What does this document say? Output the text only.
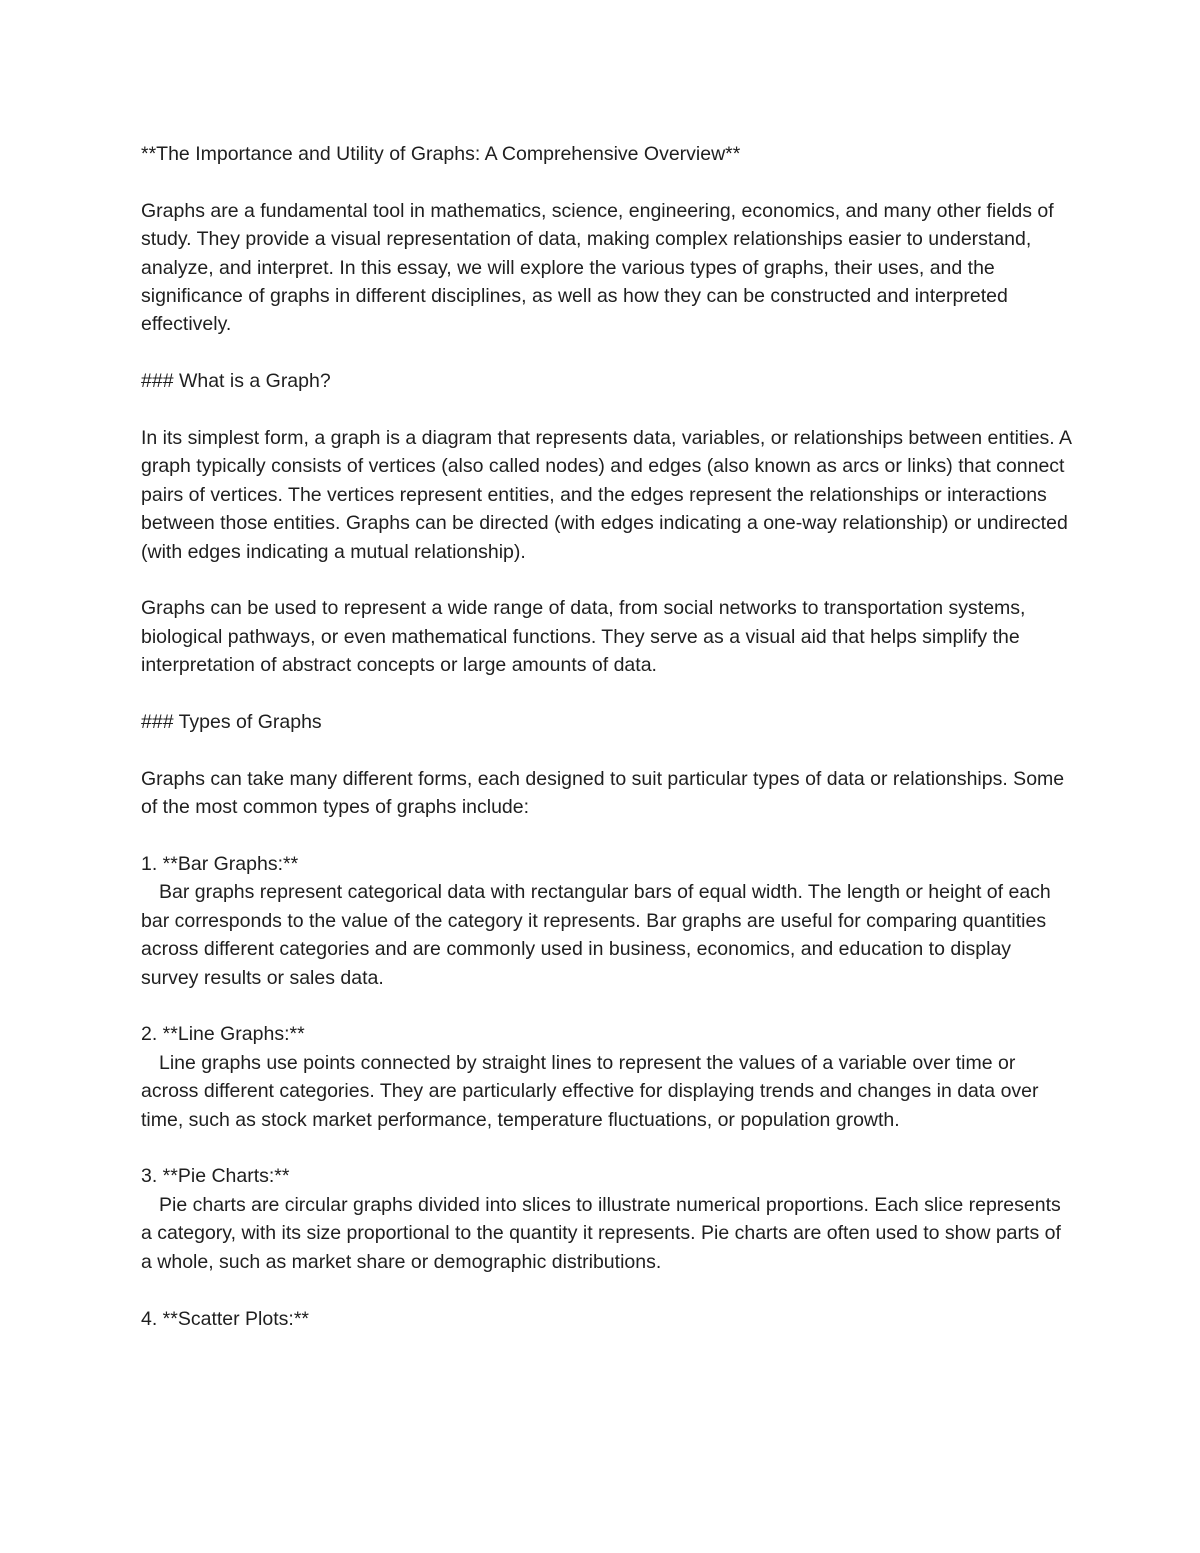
**The Importance and Utility of Graphs: A Comprehensive Overview**

Graphs are a fundamental tool in mathematics, science, engineering, economics, and many other fields of study. They provide a visual representation of data, making complex relationships easier to understand, analyze, and interpret. In this essay, we will explore the various types of graphs, their uses, and the significance of graphs in different disciplines, as well as how they can be constructed and interpreted effectively.

### What is a Graph?

In its simplest form, a graph is a diagram that represents data, variables, or relationships between entities. A graph typically consists of vertices (also called nodes) and edges (also known as arcs or links) that connect pairs of vertices. The vertices represent entities, and the edges represent the relationships or interactions between those entities. Graphs can be directed (with edges indicating a one-way relationship) or undirected (with edges indicating a mutual relationship).

Graphs can be used to represent a wide range of data, from social networks to transportation systems, biological pathways, or even mathematical functions. They serve as a visual aid that helps simplify the interpretation of abstract concepts or large amounts of data.

### Types of Graphs

Graphs can take many different forms, each designed to suit particular types of data or relationships. Some of the most common types of graphs include:

1. **Bar Graphs:**
Bar graphs represent categorical data with rectangular bars of equal width. The length or height of each bar corresponds to the value of the category it represents. Bar graphs are useful for comparing quantities across different categories and are commonly used in business, economics, and education to display survey results or sales data.
2. **Line Graphs:**
Line graphs use points connected by straight lines to represent the values of a variable over time or across different categories. They are particularly effective for displaying trends and changes in data over time, such as stock market performance, temperature fluctuations, or population growth.
3. **Pie Charts:**
Pie charts are circular graphs divided into slices to illustrate numerical proportions. Each slice represents a category, with its size proportional to the quantity it represents. Pie charts are often used to show parts of a whole, such as market share or demographic distributions.
4. **Scatter Plots:**
